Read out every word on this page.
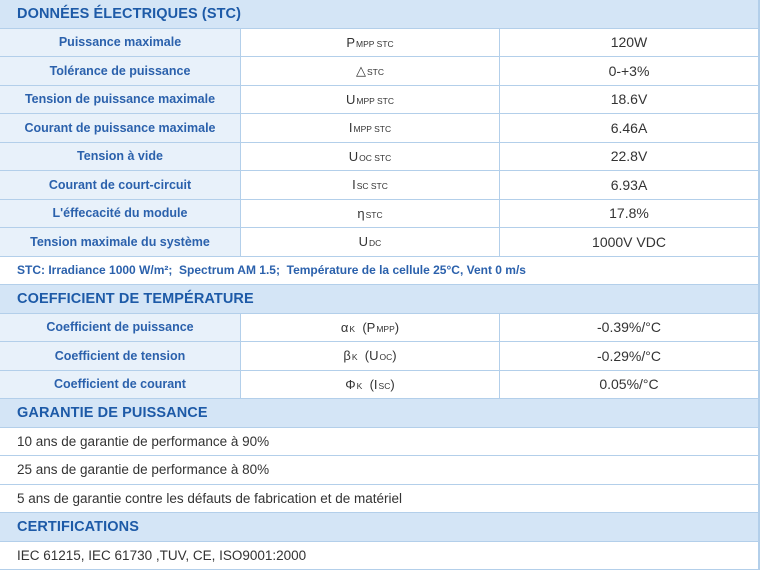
DONNÉES ÉLECTRIQUES (STC)
Puissance maximale	PMPP STC	120W
Tolérance de puissance	△STC	0-+3%
Tension de puissance maximale	UMPP STC	18.6V
Courant de puissance maximale	IMPP STC	6.46A
Tension à vide	UOC STC	22.8V
Courant de court-circuit	ISC STC	6.93A
L'éffecacité du module	ηSTC	17.8%
Tension maximale du système	UDC	1000V VDC
STC: Irradiance 1000 W/m²;  Spectrum AM 1.5;  Température de la cellule 25°C, Vent 0 m/s
COEFFICIENT DE TEMPÉRATURE
Coefficient de puissance	αK  (PMPP)	-0.39%/°C
Coefficient de tension	βK  (UOC)	-0.29%/°C
Coefficient de courant	ΦK  (ISC)	0.05%/°C
GARANTIE DE PUISSANCE
10 ans de garantie de performance à 90%
25 ans de garantie de performance à 80%
5 ans de garantie contre les défauts de fabrication et de matériel
CERTIFICATIONS
IEC 61215, IEC 61730 ,TUV, CE, ISO9001:2000
